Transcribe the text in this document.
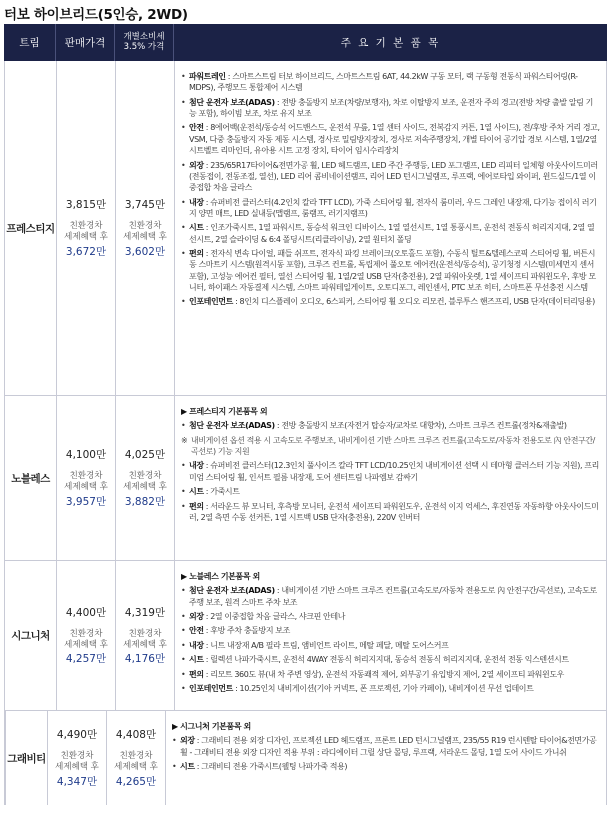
터보 하이브리드(5인승, 2WD)
트림	판매가격
개별소비세
3.5% 가격	주 요 기 본 품 목
프레스티지
3,815만
친환경차
세제혜택 후
3,672만
3,745만
친환경차
세제혜택 후
3,602만
• 파워트레인 : 스마트스트림 터보 하이브리드, 스마트스트림 6AT, 44.2kW 구동 모터, 랙 구동형 전동식 파워스티어링(R-MDPS), 주행모드 통합제어 시스템
• 첨단 운전자 보조(ADAS) : 전방 충돌방지 보조(차량/보행자), 차로 이탈방지 보조, 운전자 주의 경고(전방 차량 출발 알림 기능 포함), 하이빔 보조, 차로 유지 보조
• 안전 : 8에어백(운전석/동승석 어드밴스드, 운전석 무릎, 1열 센터 사이드, 전복감지 커튼, 1열 사이드), 전/후방 주차 거리 경고, VSM, 다중 충돌방지 자동 제동 시스템, 경사로 밀림방지장치, 경사로 저속주행장치, 개별 타이어 공기압 경보 시스템, 1열/2열 시트벨트 리마인더, 유아용 시트 고정 장치, 타이어 임시수리장치
• 외장 : 235/65R17타이어&전면가공 휠, LED 헤드램프, LED 주간 주행등, LED 포그램프, LED 리피터 일체형 아웃사이드미러(전동접이, 전동조절, 열선), LED 리어 콤비네이션램프, 리어 LED 턴시그널램프, 루프랙, 에어로타입 와이퍼, 윈드실드/1열 이중접합 차음 글라스
• 내장 : 슈퍼비전 클러스터(4.2인치 칼라 TFT LCD), 가죽 스티어링 휠, 전자식 룸미러, 우드 그레인 내장재, 다기능 접이식 러기지 양면 매트, LED 실내등(맵램프, 룸램프, 러기지램프)
• 시트 : 인조가죽시트, 1열 파워시트, 동승석 워크인 디바이스, 1열 열선시트, 1열 통풍시트, 운전석 전동식 허리지지대, 2열 열선시트, 2열 슬라이딩 & 6:4 폴딩시트(리클라이닝), 2열 원터치 폴딩
• 편의 : 전자식 변속 다이얼, 패들 쉬프트, 전자식 파킹 브레이크(오토홀드 포함), 수동식 틸트&텔레스코픽 스티어링 휠, 버튼시동 스마트키 시스템(원격시동 포함), 크루즈 컨트롤, 독립제어 풀오토 에어컨(운전석/동승석), 공기청정 시스템(미세먼지 센서 포함), 고성능 에어컨 필터, 열선 스티어링 휠, 1열/2열 USB 단자(충전용), 2열 파워아웃렛, 1열 세이프티 파워윈도우, 후방 모니터, 하이패스 자동결제 시스템, 스마트 파워테일게이트, 오토디포그, 레인센서, PTC 보조 히터, 스마트폰 무선충전 시스템
• 인포테인먼트 : 8인치 디스플레이 오디오, 6스피커, 스티어링 휠 오디오 리모컨, 블루투스 핸즈프리, USB 단자(데이터리딩용)
노블레스
4,100만
친환경차
세제혜택 후
3,957만
4,025만
친환경차
세제혜택 후
3,882만
▶ 프레스티지 기본품목 외
• 첨단 운전자 보조(ADAS) : 전방 충돌방지 보조(자전거 탑승자/교차로 대향차), 스마트 크루즈 컨트롤(정차&재출발)
※ 내비게이션 옵션 적용 시 고속도로 주행보조, 내비게이션 기반 스마트 크루즈 컨트롤(고속도로/자동차 전용도로 內 안전구간/곡선로) 기능 지원
• 내장 : 슈퍼비전 클러스터(12.3인치 풀사이즈 칼라 TFT LCD/10.25인치 내비게이션 선택 시 테마형 클러스터 기능 지원), 프리미엄 스티어링 휠, 인서트 필름 내장재, 도어 센터트림 나파엠보 감싸기
• 시트 : 가죽시트
• 편의 : 서라운드 뷰 모니터, 후측방 모니터, 운전석 세이프티 파워윈도우, 운전석 이지 억세스, 후진연동 자동하향 아웃사이드미러, 2열 측면 수동 선커튼, 1열 시트백 USB 단자(충전용), 220V 인버터
시그니처
4,400만
친환경차
세제혜택 후
4,257만
4,319만
친환경차
세제혜택 후
4,176만
▶ 노블레스 기본품목 외
• 첨단 운전자 보조(ADAS) : 내비게이션 기반 스마트 크루즈 컨트롤(고속도로/자동차 전용도로 內 안전구간/곡선로), 고속도로 주행 보조, 원격 스마트 주차 보조
• 외장 : 2열 이중접합 차음 글라스, 샤크핀 안테나
• 안전 : 후방 주차 충돌방지 보조
• 내장 : 니트 내장재 A/B 필라 트림, 앰비언트 라이트, 메탈 페달, 메탈 도어스커프
• 시트 : 릴렉션 나파가죽시트, 운전석 4WAY 전동식 허리지지대, 동승석 전동식 허리지지대, 운전석 전동 익스텐션시트
• 편의 : 리모트 360도 뷰(내 차 주변 영상), 운전석 자동쾌적 제어, 외부공기 유입방지 제어, 2열 세이프티 파워윈도우
• 인포테인먼트 : 10.25인치 내비게이션(기아 커넥트, 폰 프로젝션, 기아 카페이), 내비게이션 무선 업데이트
그래비티
4,490만
친환경차
세제혜택 후
4,347만
4,408만
친환경차
세제혜택 후
4,265만
▶ 시그니처 기본품목 외
• 외장 : 그래비티 전용 외장 디자인, 프로젝션 LED 헤드램프, 프론트 LED 턴시그널램프, 235/55 R19 런시텐탈 타이어&전면가공 휠 - 그래비티 전용 외장 디자인 적용 부위 : 라디에이터 그릴 상단 몰딩, 루프랙, 서라운드 몰딩, 1열 도어 사이드 가니쉬
• 시트 : 그래비티 전용 가죽시트(웰팅 나파가죽 적용)
